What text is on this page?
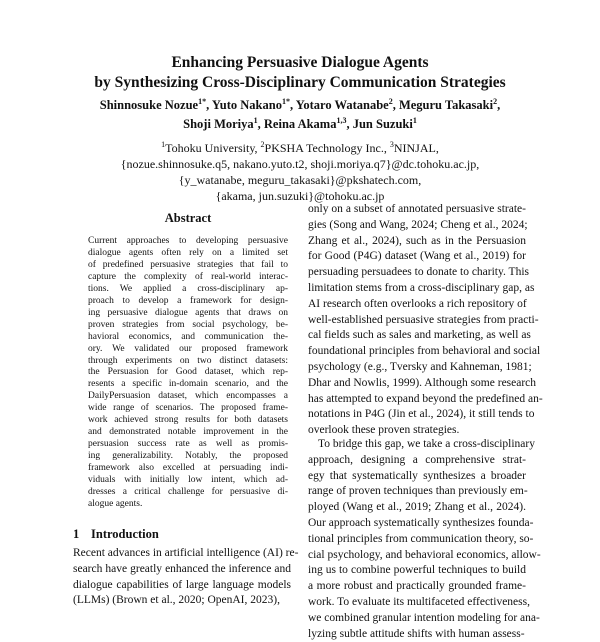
Enhancing Persuasive Dialogue Agents
by Synthesizing Cross-Disciplinary Communication Strategies
Shinnosuke Nozue$^{1*}$, Yuto Nakano$^{1*}$, Yotaro Watanabe$^2$, Meguru Takasaki$^2$,
Shoji Moriya$^1$, Reina Akama$^{1,3}$, Jun Suzuki$^1$
$^1$Tohoku University, $^2$PKSHA Technology Inc., $^3$NINJAL,
{nozue.shinnosuke.q5, nakano.yuto.t2, shoji.moriya.q7}@dc.tohoku.ac.jp,
{y_watanabe, meguru_takasaki}@pkshatech.com,
{akama, jun.suzuki}@tohoku.ac.jp
Abstract
Current approaches to developing persuasive
dialogue agents often rely on a limited set
of predefined persuasive strategies that fail to
capture the complexity of real-world interac-
tions. We applied a cross-disciplinary ap-
proach to develop a framework for design-
ing persuasive dialogue agents that draws on
proven strategies from social psychology, be-
havioral economics, and communication the-
ory. We validated our proposed framework
through experiments on two distinct datasets:
the Persuasion for Good dataset, which rep-
resents a specific in-domain scenario, and the
DailyPersuasion dataset, which encompasses a
wide range of scenarios. The proposed frame-
work achieved strong results for both datasets
and demonstrated notable improvement in the
persuasion success rate as well as promis-
ing generalizability. Notably, the proposed
framework also excelled at persuading indi-
viduals with initially low intent, which ad-
dresses a critical challenge for persuasive di-
alogue agents.
1 Introduction
Recent advances in artificial intelligence (AI) re-
search have greatly enhanced the inference and
dialogue capabilities of large language models
(LLMs) (Brown et al., 2020; OpenAI, 2023),
only on a subset of annotated persuasive strate-
gies (Song and Wang, 2024; Cheng et al., 2024;
Zhang et al., 2024), such as in the Persuasion
for Good (P4G) dataset (Wang et al., 2019) for
persuading persuadees to donate to charity. This
limitation stems from a cross-disciplinary gap, as
AI research often overlooks a rich repository of
well-established persuasive strategies from practi-
cal fields such as sales and marketing, as well as
foundational principles from behavioral and social
psychology (e.g., Tversky and Kahneman, 1981;
Dhar and Nowlis, 1999). Although some research
has attempted to expand beyond the predefined an-
notations in P4G (Jin et al., 2024), it still tends to
overlook these proven strategies.
To bridge this gap, we take a cross-disciplinary
approach, designing a comprehensive strat-
egy that systematically synthesizes a broader
range of proven techniques than previously em-
ployed (Wang et al., 2019; Zhang et al., 2024).
Our approach systematically synthesizes founda-
tional principles from communication theory, so-
cial psychology, and behavioral economics, allow-
ing us to combine powerful techniques to build
a more robust and practically grounded frame-
work. To evaluate its multifaceted effectiveness,
we combined granular intention modeling for ana-
lyzing subtle attitude shifts with human assess-
